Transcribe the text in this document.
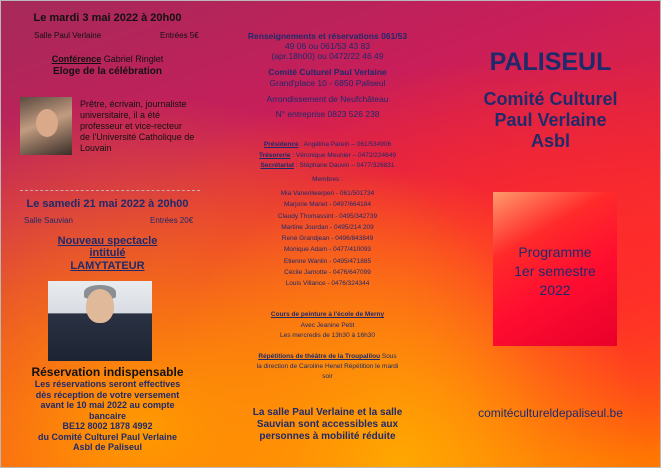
Le mardi 3 mai 2022 à 20h00
Salle Paul Verlaine	Entrées 5€
Conférence Gabriel Ringlet
Eloge de la célébration
Prêtre, écrivain, journaliste
universitaire, il a été
professeur et vice-recteur
de l'Université Catholique de
Louvain
Le samedi 21 mai 2022 à 20h00
Salle Sauvian	Entrées 20€
Nouveau spectacle
intitulé
LAMYTATEUR
Réservation indispensable
Les réservations seront effectives
dès réception de votre versement
avant le 10 mai 2022 au compte
bancaire
BE12 8002 1878 4992
du Comité Culturel Paul Verlaine
Asbl de Paliseul
Renseignements et réservations 061/53
49 06 ou 061/53 43 83
(apr.18h00) ou 0472/22 46 49
Comité Culturel Paul Verlaine
Grand'place 10 - 6850 Paliseul
Arrondissement de Neufchâteau
N° entreprise 0823 526 238
Présidence : Angélina Parein – 061/534906
Trésorerie : Véronique Meunier – 0472/224649
Secrétariat : Stéphane Dauvin – 0477/326831
Membres :
Mia Vanenlwerpen - 061/501734
Marjorie Mariet - 0497/664184
Claudy Thomassint - 0495/342739
Martine Jourdan - 0495/214 209
René Grandjean - 0496/843849
Monique Adam - 0477/410093
Etienne Wanlin - 0495/471885
Cécile Jamotte - 0476/647099
Louis Villance - 0476/324344
Cours de peinture à l'école de Merny
Avec Jeanine Petit
Les mercredis de 13h30 à 16h30
Répétitions de théâtre de la Troupalilou Sous
la direction de Caroline Henet Répétition le mardi
soir
La salle Paul Verlaine et la salle
Sauvian sont accessibles aux
personnes à mobilité réduite
PALISEUL
Comité Culturel
Paul Verlaine
Asbl
Programme
1er semestre
2022
comitécultureldepaliseul.be
